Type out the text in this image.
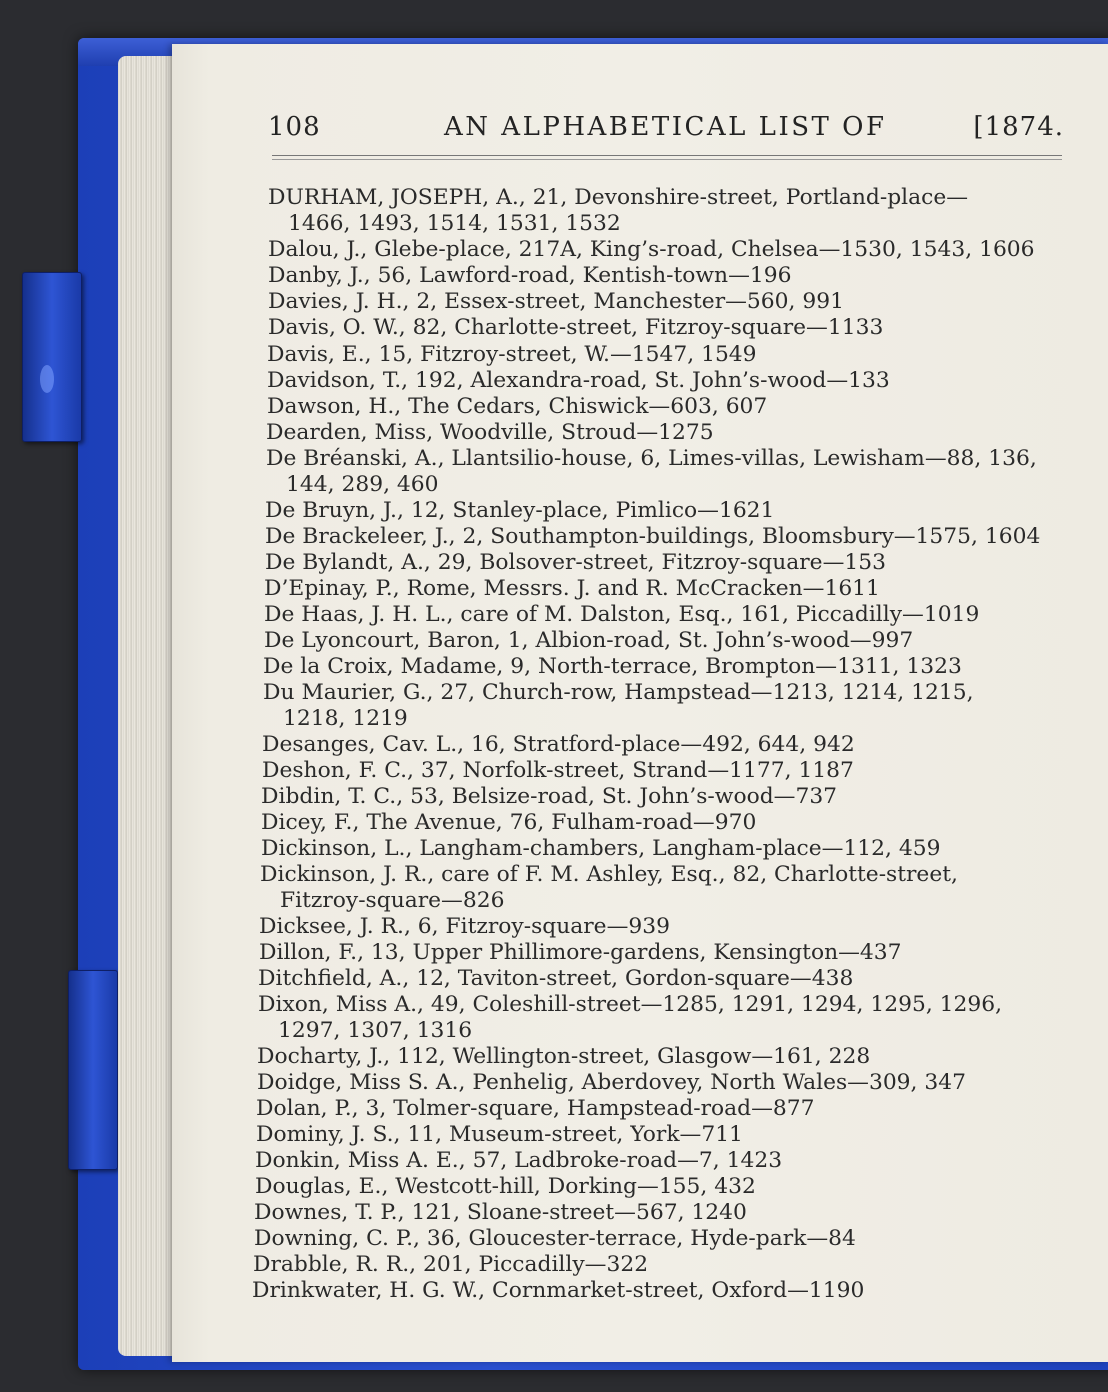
108	AN ALPHABETICAL LIST OF	[1874.
DURHAM, JOSEPH, A., 21, Devonshire-street, Portland-place—
1466, 1493, 1514, 1531, 1532
Dalou, J., Glebe-place, 217A, King’s-road, Chelsea—1530, 1543, 1606
Danby, J., 56, Lawford-road, Kentish-town—196
Davies, J. H., 2, Essex-street, Manchester—560, 991
Davis, O. W., 82, Charlotte-street, Fitzroy-square—1133
Davis, E., 15, Fitzroy-street, W.—1547, 1549
Davidson, T., 192, Alexandra-road, St. John’s-wood—133
Dawson, H., The Cedars, Chiswick—603, 607
Dearden, Miss, Woodville, Stroud—1275
De Bréanski, A., Llantsilio-house, 6, Limes-villas, Lewisham—88, 136,
144, 289, 460
De Bruyn, J., 12, Stanley-place, Pimlico—1621
De Brackeleer, J., 2, Southampton-buildings, Bloomsbury—1575, 1604
De Bylandt, A., 29, Bolsover-street, Fitzroy-square—153
D’Epinay, P., Rome, Messrs. J. and R. McCracken—1611
De Haas, J. H. L., care of M. Dalston, Esq., 161, Piccadilly—1019
De Lyoncourt, Baron, 1, Albion-road, St. John’s-wood—997
De la Croix, Madame, 9, North-terrace, Brompton—1311, 1323
Du Maurier, G., 27, Church-row, Hampstead—1213, 1214, 1215,
1218, 1219
Desanges, Cav. L., 16, Stratford-place—492, 644, 942
Deshon, F. C., 37, Norfolk-street, Strand—1177, 1187
Dibdin, T. C., 53, Belsize-road, St. John’s-wood—737
Dicey, F., The Avenue, 76, Fulham-road—970
Dickinson, L., Langham-chambers, Langham-place—112, 459
Dickinson, J. R., care of F. M. Ashley, Esq., 82, Charlotte-street,
Fitzroy-square—826
Dicksee, J. R., 6, Fitzroy-square—939
Dillon, F., 13, Upper Phillimore-gardens, Kensington—437
Ditchfield, A., 12, Taviton-street, Gordon-square—438
Dixon, Miss A., 49, Coleshill-street—1285, 1291, 1294, 1295, 1296,
1297, 1307, 1316
Docharty, J., 112, Wellington-street, Glasgow—161, 228
Doidge, Miss S. A., Penhelig, Aberdovey, North Wales—309, 347
Dolan, P., 3, Tolmer-square, Hampstead-road—877
Dominy, J. S., 11, Museum-street, York—711
Donkin, Miss A. E., 57, Ladbroke-road—7, 1423
Douglas, E., Westcott-hill, Dorking—155, 432
Downes, T. P., 121, Sloane-street—567, 1240
Downing, C. P., 36, Gloucester-terrace, Hyde-park—84
Drabble, R. R., 201, Piccadilly—322
Drinkwater, H. G. W., Cornmarket-street, Oxford—1190
